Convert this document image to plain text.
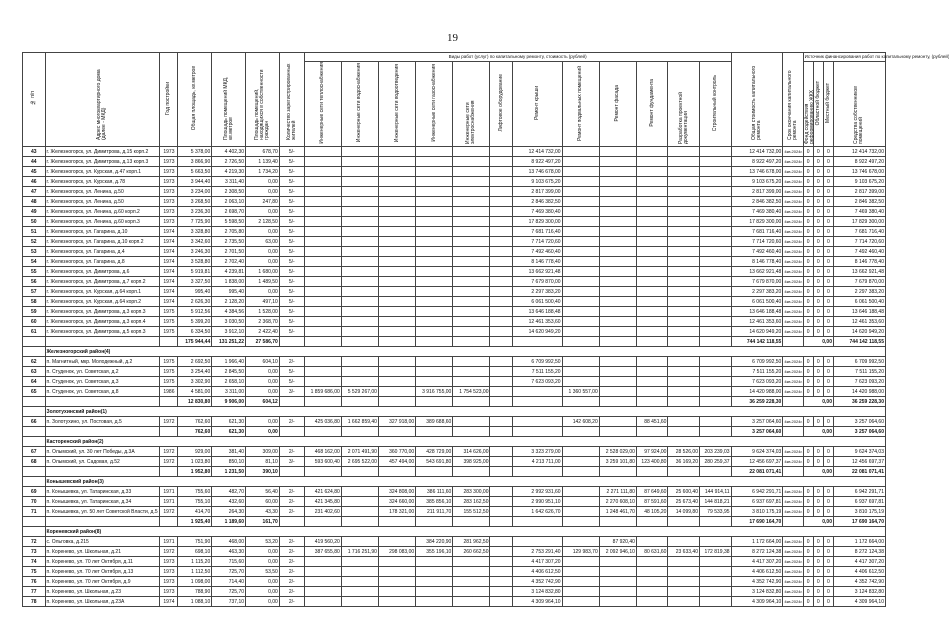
19
№ п/п	Адрес многоквартирного дома (далее - МКД)	Год постройки	Общая площадь, кв.метров	Площадь помещений МКД, кв.метров	Площадь помещений, находящихся в собственности граждан	Количество зарегистрированных жителей	Виды работ (услуг) по капитальному ремонту, стоимость (рублей)												Общая стоимость капитального ремонта	Срок окончания капитального ремонта	Источник финансирования работ по капитальному ремонту, (рублей)			
							Инженерные сети теплоснабжения	Инженерные сети водоснабжения	Инженерные сети водоотведения	Инженерные сети газоснабжения	Инженерные сети электроснабжения	Лифтовое оборудование	Ремонт крыши	Ремонт подвальных помещений	Ремонт фасада	Ремонт фундамента	Разработка проектной документации	Строительный контроль			Фонд содействия реформированию ЖКХ	Областной бюджет	Местный бюджет	Средства собственников помещений
43	г. Железногорск, ул. Димитрова, д.15 корп.2	1973	5 378,00	4 402,30	678,70	5/-							12 414 732,00						12 414 732,00	4кв.2024г.	0	0	0	12 414 732,00
44	г. Железногорск, ул. Димитрова, д.13 корп.3	1973	3 866,90	2 726,50	1 139,40	5/-							8 922 497,20						8 922 497,20	4кв.2024г.	0	0	0	8 922 497,20
45	г. Железногорск, ул. Курская, д.47 корп.1	1973	5 663,50	4 219,30	1 734,20	5/-							13 746 678,00						13 746 678,00	4кв.2024г.	0	0	0	13 746 678,00
46	г. Железногорск, ул. Курская, д.78	1973	3 944,40	3 311,40	0,00	5/-							9 103 675,20						9 103 675,20	4кв.2024г.	0	0	0	9 103 675,20
47	г. Железногорск, ул. Ленина, д.50	1973	3 234,00	2 308,50	0,00	5/-							2 817 399,00						2 817 399,00	4кв.2024г.	0	0	0	2 817 399,00
48	г. Железногорск, ул. Ленина, д.50	1973	3 268,50	2 063,10	247,80	5/-							2 846 382,50						2 846 382,50	4кв.2024г.	0	0	0	2 846 382,50
49	г. Железногорск, ул. Ленина, д.60 корп.2	1973	3 236,30	2 698,70	0,00	5/-							7 469 380,40						7 469 380,40	4кв.2024г.	0	0	0	7 469 380,40
50	г. Железногорск, ул. Ленина, д.60 корп.3	1973	7 725,90	5 598,50	2 128,50	5/-							17 829 300,00						17 829 300,00	4кв.2024г.	0	0	0	17 829 300,00
51	г. Железногорск, ул. Гагарина, д.10	1974	3 328,80	2 705,80	0,00	5/-							7 681 716,40						7 681 716,40	4кв.2024г.	0	0	0	7 681 716,40
52	г. Железногорск, ул. Гагарина, д.10 корп.2	1974	3 342,60	2 735,50	63,00	5/-							7 714 720,60						7 714 720,60	4кв.2024г.	0	0	0	7 714 720,60
53	г. Железногорск, ул. Гагарина, д.4	1974	3 246,30	2 701,50	0,00	5/-							7 492 460,40						7 492 460,40	4кв.2024г.	0	0	0	7 492 460,40
54	г. Железногорск, ул. Гагарина, д.8	1974	3 528,80	2 702,40	0,00	5/-							8 146 778,40						8 146 778,40	4кв.2024г.	0	0	0	8 146 778,40
55	г. Железногорск, ул. Димитрова, д.6	1974	5 919,81	4 239,81	1 680,00	5/-							13 662 921,48						13 662 921,48	4кв.2024г.	0	0	0	13 662 921,48
56	г. Железногорск, ул. Димитрова, д.7 корп.2	1974	3 327,50	1 838,00	1 489,50	5/-							7 679 870,00						7 679 870,00	4кв.2024г.	0	0	0	7 679 870,00
57	г. Железногорск, ул. Курская, д.64 корп.1	1974	995,40	995,40	0,00	5/-							2 297 383,20						2 297 383,20	4кв.2024г.	0	0	0	2 297 383,20
58	г. Железногорск, ул. Курская, д.64 корп.2	1974	2 626,30	2 128,20	497,10	5/-							6 061 500,40						6 061 500,40	4кв.2024г.	0	0	0	6 061 500,40
59	г. Железногорск, ул. Димитрова, д.3 корп.3	1975	5 912,56	4 384,56	1 528,00	5/-							13 646 188,48						13 646 188,48	4кв.2024г.	0	0	0	13 646 188,48
60	г. Железногорск, ул. Димитрова, д.3 корп.4	1975	5 399,20	3 030,50	2 368,70	5/-							12 461 353,60						12 461 353,60	4кв.2024г.	0	0	0	12 461 353,60
61	г. Железногорск, ул. Димитрова, д.5 корп.3	1975	6 334,50	3 912,10	2 422,40	5/-							14 620 949,20						14 620 949,20	4кв.2024г.	0	0	0	14 620 949,20
			175 944,44	131 251,22	27 586,70														744 142 118,55		0,00			744 142 118,55
	Железногорский район(4)																							
62	п. Магнитный, мкр. Молодежный, д.2	1975	2 692,50	1 966,40	604,10	2/-							6 709 992,50						6 709 992,50	4кв.2024г.	0	0	0	6 709 992,50
63	п. Студенок, ул. Советская, д.2	1975	3 254,40	2 845,50	0,00	5/-							7 511 155,20						7 511 155,20	4кв.2024г.	0	0	0	7 511 155,20
64	п. Студенок, ул. Советская, д.3	1975	3 302,90	2 658,10	0,00	5/-							7 623 093,20						7 623 093,20	4кв.2024г.	0	0	0	7 623 093,20
65	п. Студенок, ул. Советская, д.8	1986	4 581,00	3 311,00	0,00	3/-	1 859 686,00	5 529 267,00		3 916 755,00	1 754 523,00			1 360 557,00					14 420 988,00	4кв.2024г.	0	0	0	14 420 988,00
			12 830,80	9 906,00	604,12														36 259 228,30		0,00			36 259 228,30
	Золотухинский район(1)																							
66	п. Золотухино, ул. Постовая, д.5	1972	762,60	621,30	0,00	2/-	425 036,80	1 662 859,40	327 918,00	389 688,60				142 608,20		88 451,60			3 257 064,60	4кв.2024г.	0	0	0	3 257 064,60
			762,60	621,30	0,00														3 257 064,60		0,00			3 257 064,60
	Касторенский район(2)																							
67	п. Олымский, ул. 30 лет Победы, д.3А	1972	929,00	381,40	309,00	2/-	468 162,00	2 071 491,90	360 770,00	428 729,00	314 626,00		3 323 279,00		2 528 029,00	97 924,00	28 526,00	203 239,03	9 624 374,03	4кв.2024г.	0	0	0	9 624 374,03
68	п. Олымский, ул. Садовая, д.52	1972	1 023,80	850,10	81,10	3/-	593 600,40	2 695 522,00	457 494,00	543 691,80	398 925,00		4 213 711,00		3 259 101,80	123 400,80	36 169,20	280 259,37	12 456 697,37	4кв.2024г.	0	0	0	12 456 697,37
			1 952,80	1 231,50	390,10														22 081 071,41		0,00			22 081 071,41
	Конышевский район(3)																							
69	п. Конышевка, ул. Татаринская, д.33	1971	755,60	482,70	56,40	2/-	421 624,80		324 808,00	386 111,60	283 300,00		2 992 931,60		2 271 111,80	87 649,60	25 600,40	144 914,11	6 942 291,71	4кв.2024г.	0	0	0	6 942 291,71
70	п. Конышевка, ул. Татаринская, д.34	1971	755,10	432,60	60,00	2/-	421 345,80		324 660,00	385 856,10	283 162,50		2 990 951,10		2 270 608,10	87 591,60	25 673,40	144 818,21	6 937 697,81	4кв.2024г.	0	0	0	6 937 697,81
71	п. Конышевка, ул. 50 лет Советской Власти, д.5	1972	414,70	264,30	43,30	2/-	231 402,60		178 321,00	211 911,70	155 512,50		1 642 626,70		1 248 461,70	48 105,20	14 099,80	79 533,95	3 810 175,19	4кв.2024г.	0	0	0	3 810 175,19
			1 925,40	1 189,60	161,70														17 690 164,70		0,00			17 690 164,70
	Кореневский район(8)																							
72	с. Ольговка, д.215	1971	751,90	468,00	53,20	2/-	419 560,20			384 220,90	281 962,50				87 920,40				1 172 664,00	4кв.2024г.	0	0	0	1 172 664,00
73	п. Коренево, ул. Школьная, д.21	1972	698,10	463,30	0,00	2/-	387 655,80	1 716 251,90	298 083,00	355 196,10	260 662,50		2 753 291,40	129 983,70	2 092 946,10	80 631,60	23 633,40	172 819,38	8 272 124,38	4кв.2024г.	0	0	0	8 272 124,38
74	п. Коренево, ул. 70 лет Октября, д.11	1973	1 115,20	715,60	0,00	2/-							4 417 307,20						4 417 307,20	4кв.2024г.	0	0	0	4 417 307,20
75	п. Коренево, ул. 70 лет Октября, д.13	1973	1 112,50	725,70	53,50	2/-							4 406 612,50						4 406 612,50	4кв.2024г.	0	0	0	4 406 612,50
76	п. Коренево, ул. 70 лет Октября, д.9	1973	1 098,00	714,40	0,00	2/-							4 352 742,90						4 352 742,90	4кв.2024г.	0	0	0	4 352 742,90
77	п. Коренево, ул. Школьная, д.23	1973	788,90	725,70	0,00	2/-							3 124 832,80						3 124 832,80	4кв.2024г.	0	0	0	3 124 832,80
78	п. Коренево, ул. Школьная, д.23А	1974	1 088,10	737,10	0,00	2/-							4 309 964,10						4 309 964,10	4кв.2024г.	0	0	0	4 309 964,10
